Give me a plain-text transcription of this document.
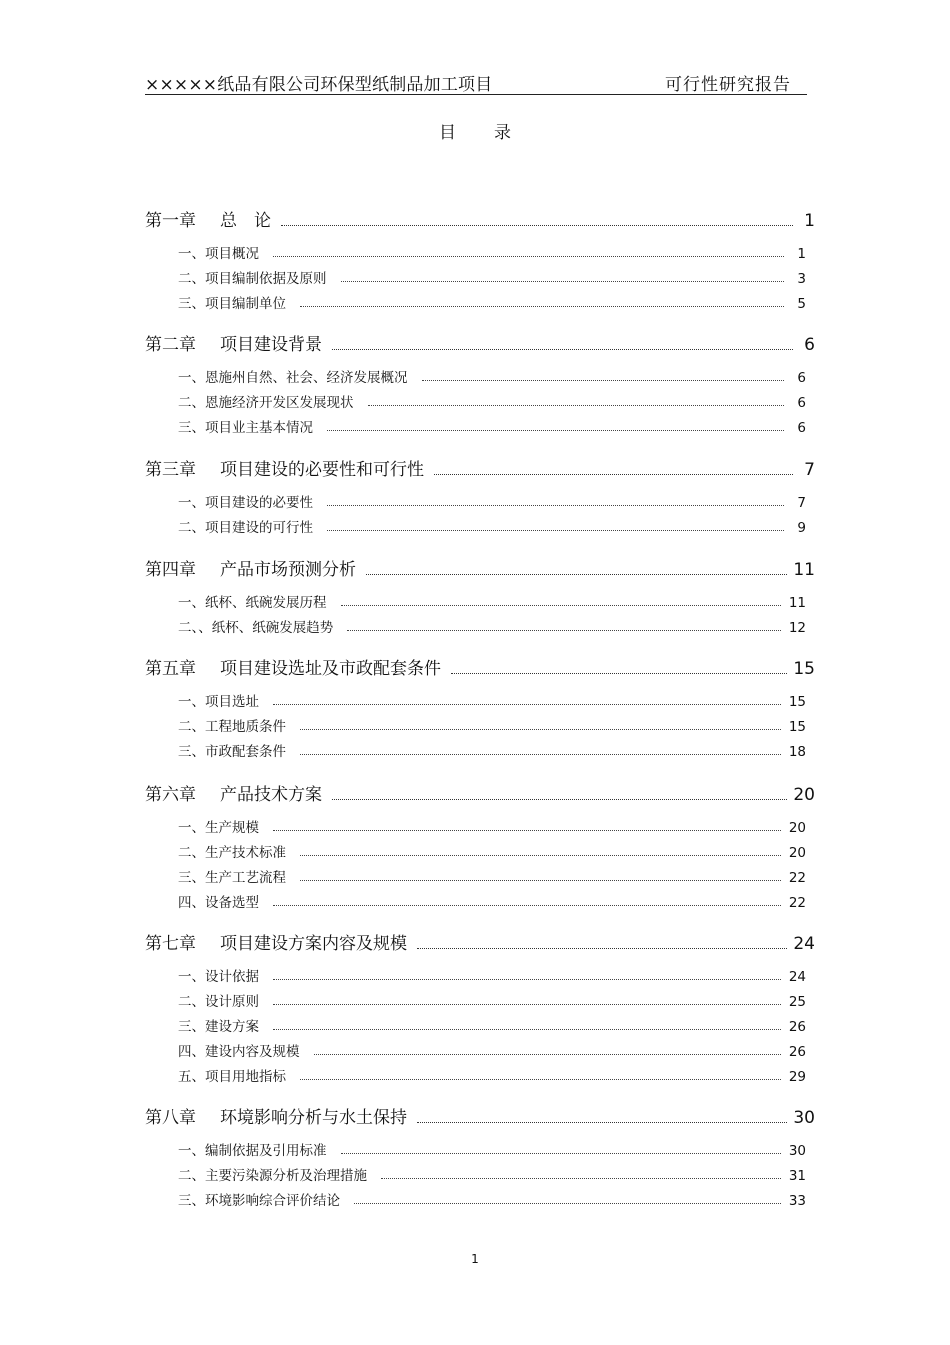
×××××纸品有限公司环保型纸制品加工项目	可行性研究报告
目录
第一章 总　论	1
一、项目概况	1
二、项目编制依据及原则	3
三、项目编制单位	5
第二章 项目建设背景	6
一、恩施州自然、社会、经济发展概况	6
二、恩施经济开发区发展现状	6
三、项目业主基本情况	6
第三章 项目建设的必要性和可行性	7
一、项目建设的必要性	7
二、项目建设的可行性	9
第四章 产品市场预测分析	11
一、纸杯、纸碗发展历程	11
二、、纸杯、纸碗发展趋势	12
第五章 项目建设选址及市政配套条件	15
一、项目选址	15
二、工程地质条件	15
三、市政配套条件	18
第六章 产品技术方案	20
一、生产规模	20
二、生产技术标准	20
三、生产工艺流程	22
四、设备选型	22
第七章 项目建设方案内容及规模	24
一、设计依据	24
二、设计原则	25
三、建设方案	26
四、建设内容及规模	26
五、项目用地指标	29
第八章 环境影响分析与水土保持	30
一、编制依据及引用标准	30
二、主要污染源分析及治理措施	31
三、环境影响综合评价结论	33
1
